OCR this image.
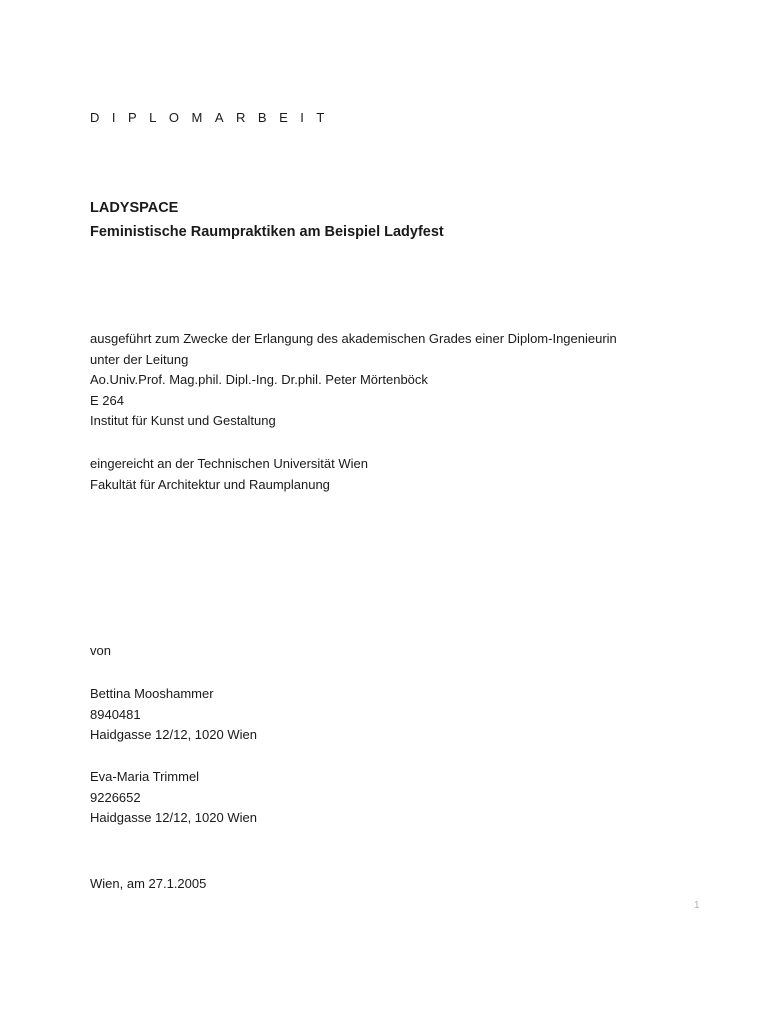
DIPLOMARBEIT
LADYSPACE
Feministische Raumpraktiken am Beispiel Ladyfest
ausgeführt zum Zwecke der Erlangung des akademischen Grades einer Diplom-Ingenieurin
unter der Leitung
Ao.Univ.Prof. Mag.phil. Dipl.-Ing. Dr.phil. Peter Mörtenböck
E 264
Institut für Kunst und Gestaltung
eingereicht an der Technischen Universität Wien
Fakultät für Architektur und Raumplanung
von
Bettina Mooshammer
8940481
Haidgasse 12/12, 1020 Wien
Eva-Maria Trimmel
9226652
Haidgasse 12/12, 1020 Wien
Wien, am 27.1.2005
1
